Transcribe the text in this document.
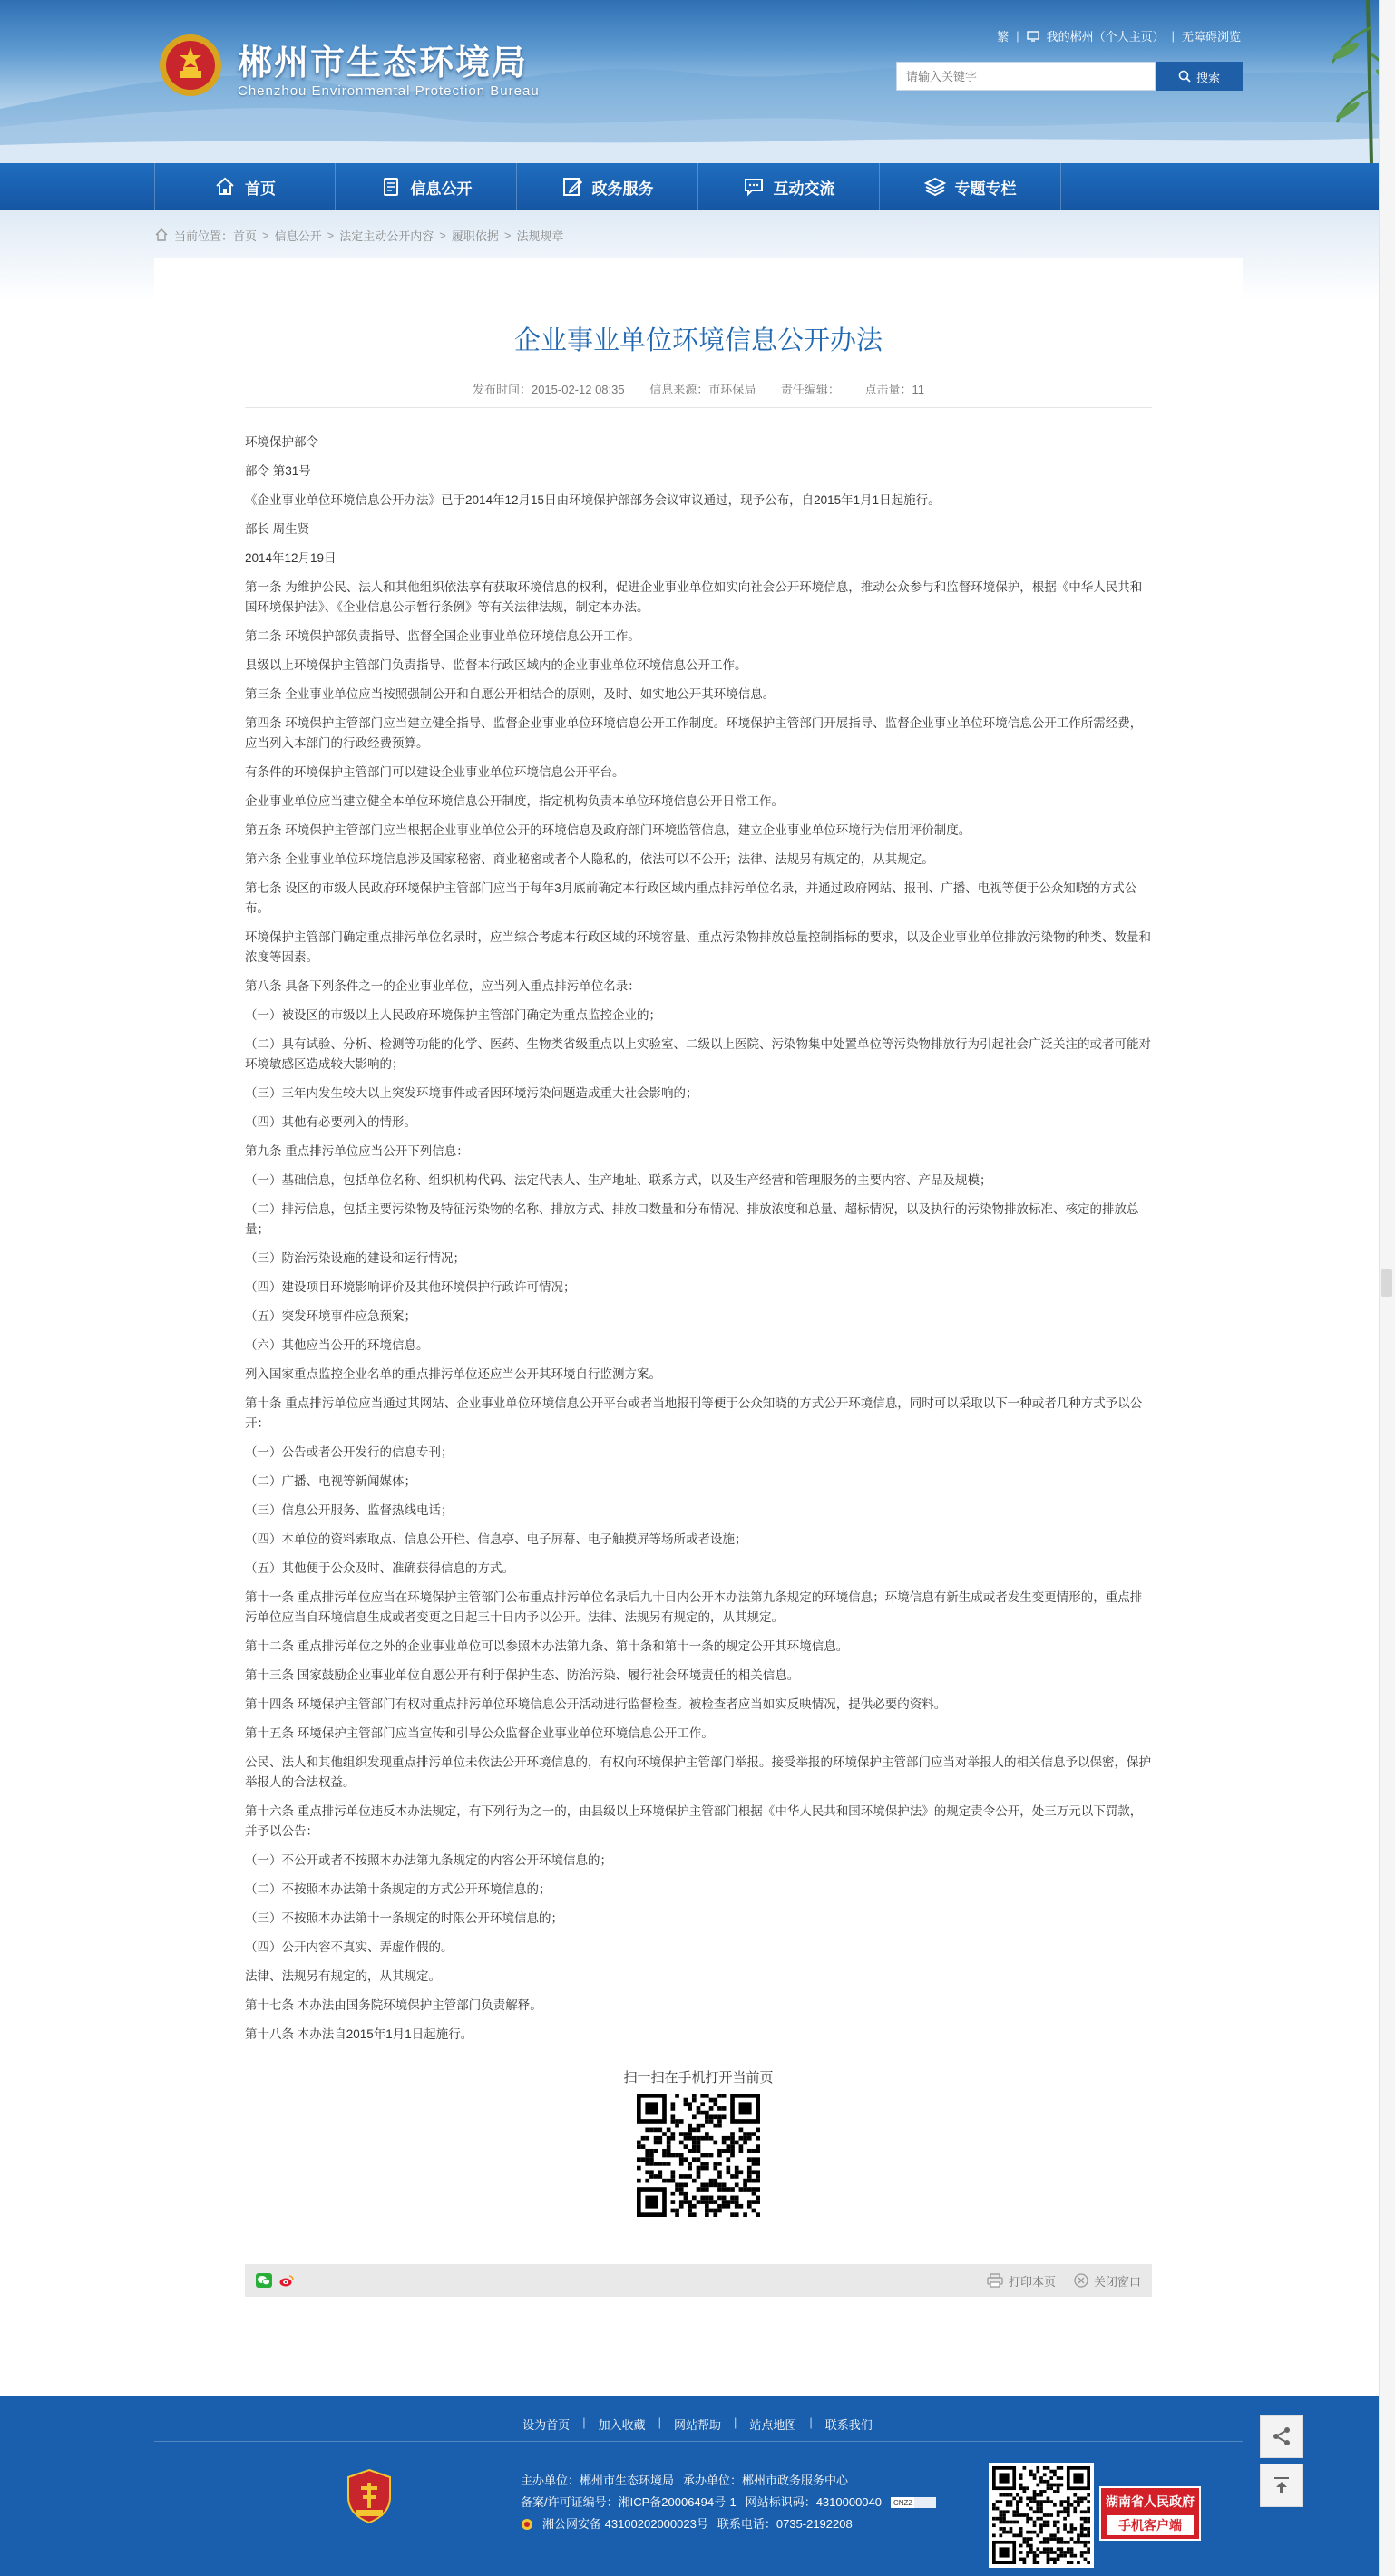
郴州市生态环境局
Chenzhou Environmental Protection Bureau
繁 | 我的郴州（个人主页） | 无障碍浏览
请输入关键字
搜索
首页	信息公开	政务服务	互动交流	专题专栏
当前位置： 首页 > 信息公开 > 法定主动公开内容 > 履职依据 > 法规规章
企业事业单位环境信息公开办法
发布时间：2015-02-12 08:35 信息来源：市环保局 责任编辑： 点击量：11

环境保护部令

部令 第31号

《企业事业单位环境信息公开办法》已于2014年12月15日由环境保护部部务会议审议通过，现予公布，自2015年1月1日起施行。

部长 周生贤

2014年12月19日

第一条 为维护公民、法人和其他组织依法享有获取环境信息的权利，促进企业事业单位如实向社会公开环境信息，推动公众参与和监督环境保护，根据《中华人民共和国环境保护法》、《企业信息公示暂行条例》等有关法律法规，制定本办法。

第二条 环境保护部负责指导、监督全国企业事业单位环境信息公开工作。

县级以上环境保护主管部门负责指导、监督本行政区域内的企业事业单位环境信息公开工作。

第三条 企业事业单位应当按照强制公开和自愿公开相结合的原则，及时、如实地公开其环境信息。

第四条 环境保护主管部门应当建立健全指导、监督企业事业单位环境信息公开工作制度。环境保护主管部门开展指导、监督企业事业单位环境信息公开工作所需经费，应当列入本部门的行政经费预算。

有条件的环境保护主管部门可以建设企业事业单位环境信息公开平台。

企业事业单位应当建立健全本单位环境信息公开制度，指定机构负责本单位环境信息公开日常工作。

第五条 环境保护主管部门应当根据企业事业单位公开的环境信息及政府部门环境监管信息，建立企业事业单位环境行为信用评价制度。

第六条 企业事业单位环境信息涉及国家秘密、商业秘密或者个人隐私的，依法可以不公开；法律、法规另有规定的，从其规定。

第七条 设区的市级人民政府环境保护主管部门应当于每年3月底前确定本行政区域内重点排污单位名录，并通过政府网站、报刊、广播、电视等便于公众知晓的方式公布。

环境保护主管部门确定重点排污单位名录时，应当综合考虑本行政区域的环境容量、重点污染物排放总量控制指标的要求，以及企业事业单位排放污染物的种类、数量和浓度等因素。

第八条 具备下列条件之一的企业事业单位，应当列入重点排污单位名录：

（一）被设区的市级以上人民政府环境保护主管部门确定为重点监控企业的；

（二）具有试验、分析、检测等功能的化学、医药、生物类省级重点以上实验室、二级以上医院、污染物集中处置单位等污染物排放行为引起社会广泛关注的或者可能对环境敏感区造成较大影响的；

（三）三年内发生较大以上突发环境事件或者因环境污染问题造成重大社会影响的；

（四）其他有必要列入的情形。

第九条 重点排污单位应当公开下列信息：

（一）基础信息，包括单位名称、组织机构代码、法定代表人、生产地址、联系方式，以及生产经营和管理服务的主要内容、产品及规模；

（二）排污信息，包括主要污染物及特征污染物的名称、排放方式、排放口数量和分布情况、排放浓度和总量、超标情况，以及执行的污染物排放标准、核定的排放总量；

（三）防治污染设施的建设和运行情况；

（四）建设项目环境影响评价及其他环境保护行政许可情况；

（五）突发环境事件应急预案；

（六）其他应当公开的环境信息。

列入国家重点监控企业名单的重点排污单位还应当公开其环境自行监测方案。

第十条 重点排污单位应当通过其网站、企业事业单位环境信息公开平台或者当地报刊等便于公众知晓的方式公开环境信息，同时可以采取以下一种或者几种方式予以公开：

（一）公告或者公开发行的信息专刊；

（二）广播、电视等新闻媒体；

（三）信息公开服务、监督热线电话；

（四）本单位的资料索取点、信息公开栏、信息亭、电子屏幕、电子触摸屏等场所或者设施；

（五）其他便于公众及时、准确获得信息的方式。

第十一条 重点排污单位应当在环境保护主管部门公布重点排污单位名录后九十日内公开本办法第九条规定的环境信息；环境信息有新生成或者发生变更情形的，重点排污单位应当自环境信息生成或者变更之日起三十日内予以公开。法律、法规另有规定的，从其规定。

第十二条 重点排污单位之外的企业事业单位可以参照本办法第九条、第十条和第十一条的规定公开其环境信息。

第十三条 国家鼓励企业事业单位自愿公开有利于保护生态、防治污染、履行社会环境责任的相关信息。

第十四条 环境保护主管部门有权对重点排污单位环境信息公开活动进行监督检查。被检查者应当如实反映情况，提供必要的资料。

第十五条 环境保护主管部门应当宣传和引导公众监督企业事业单位环境信息公开工作。

公民、法人和其他组织发现重点排污单位未依法公开环境信息的，有权向环境保护主管部门举报。接受举报的环境保护主管部门应当对举报人的相关信息予以保密，保护举报人的合法权益。

第十六条 重点排污单位违反本办法规定，有下列行为之一的，由县级以上环境保护主管部门根据《中华人民共和国环境保护法》的规定责令公开，处三万元以下罚款，并予以公告：

（一）不公开或者不按照本办法第九条规定的内容公开环境信息的；

（二）不按照本办法第十条规定的方式公开环境信息的；

（三）不按照本办法第十一条规定的时限公开环境信息的；

（四）公开内容不真实、弄虚作假的。

法律、法规另有规定的，从其规定。

第十七条 本办法由国务院环境保护主管部门负责解释。

第十八条 本办法自2015年1月1日起施行。

扫一扫在手机打开当前页
打印本页	关闭窗口
设为首页 | 加入收藏 | 网站帮助 | 站点地图 | 联系我们
主办单位：郴州市生态环境局 承办单位：郴州市政务服务中心
备案/许可证编号：湘ICP备20006494号-1 网站标识码：4310000040 CNZZ
湘公网安备 43100202000023号 联系电话：0735-2192208
湖南省人民政府
手机客户端
